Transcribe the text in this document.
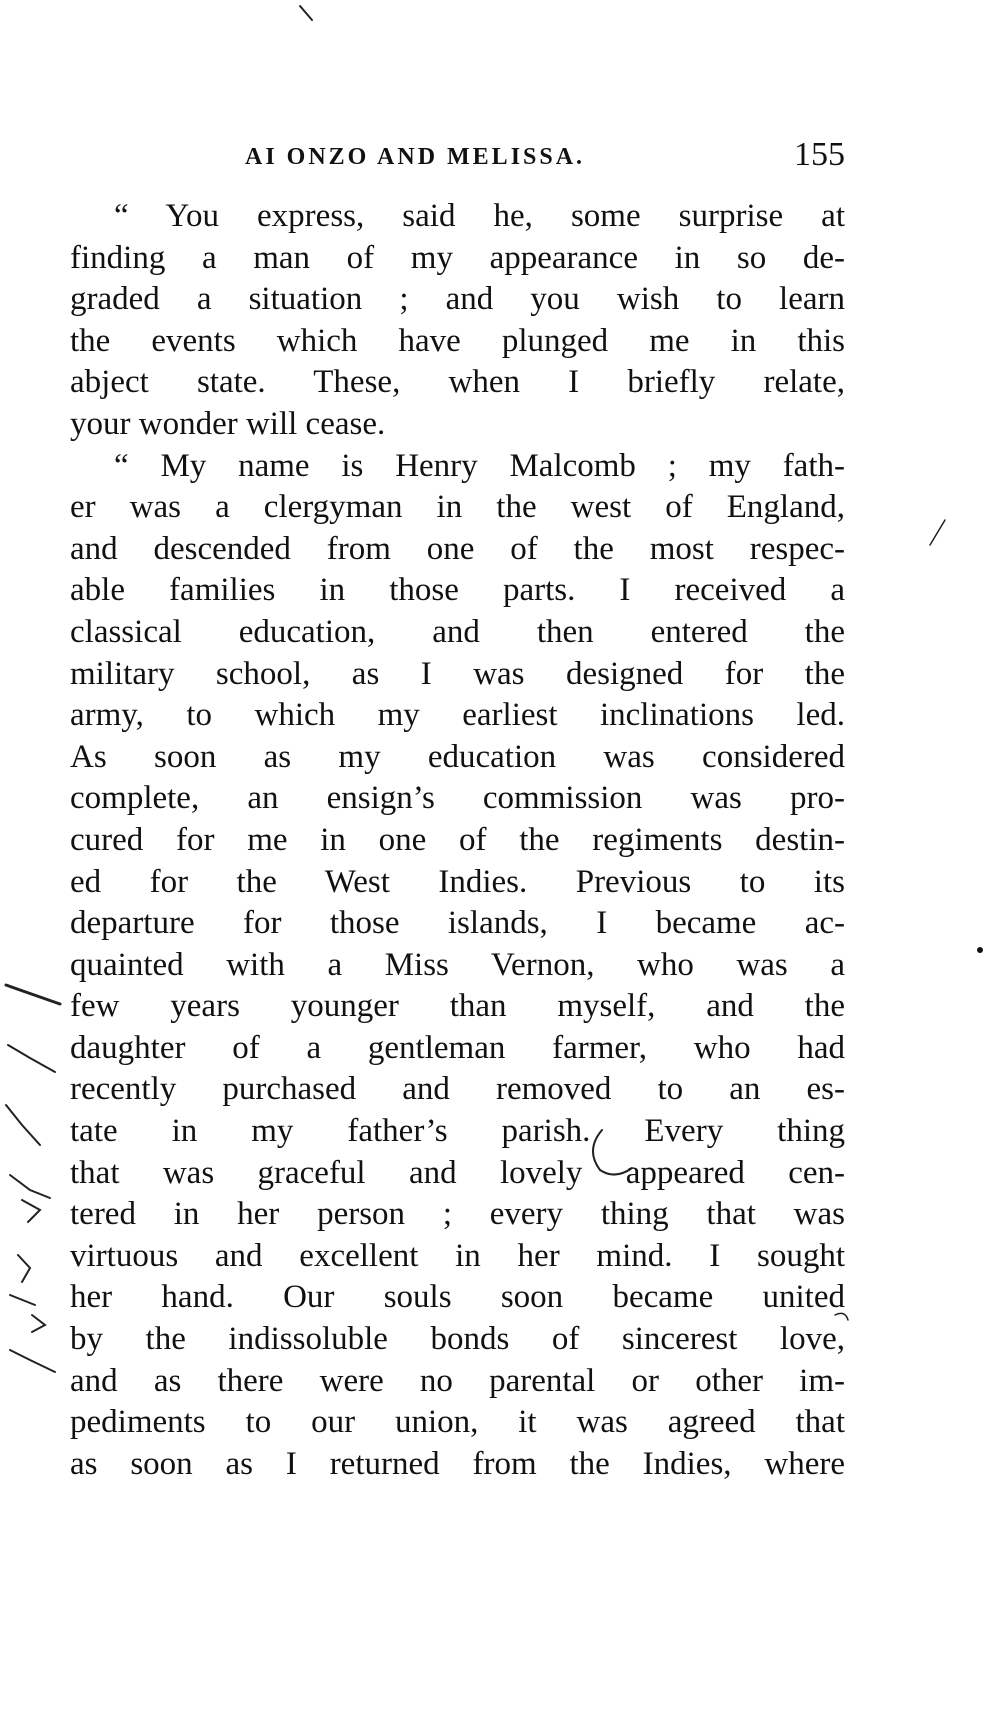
AI ONZO AND MELISSA.	155
“ You express, said he, some surprise at
finding a man of my appearance in so de-
graded a situation ; and you wish to learn
the events which have plunged me in this
abject state. These, when I briefly relate,
your wonder will cease.
“ My name is Henry Malcomb ; my fath-
er was a clergyman in the west of England,
and descended from one of the most respec-
able families in those parts. I received a
classical education, and then entered the
military school, as I was designed for the
army, to which my earliest inclinations led.
As soon as my education was considered
complete, an ensign’s commission was pro-
cured for me in one of the regiments destin-
ed for the West Indies. Previous to its
departure for those islands, I became ac-
quainted with a Miss Vernon, who was a
few years younger than myself, and the
daughter of a gentleman farmer, who had
recently purchased and removed to an es-
tate in my father’s parish. Every thing
that was graceful and lovely appeared cen-
tered in her person ; every thing that was
virtuous and excellent in her mind. I sought
her hand. Our souls soon became united
by the indissoluble bonds of sincerest love,
and as there were no parental or other im-
pediments to our union, it was agreed that
as soon as I returned from the Indies, where
